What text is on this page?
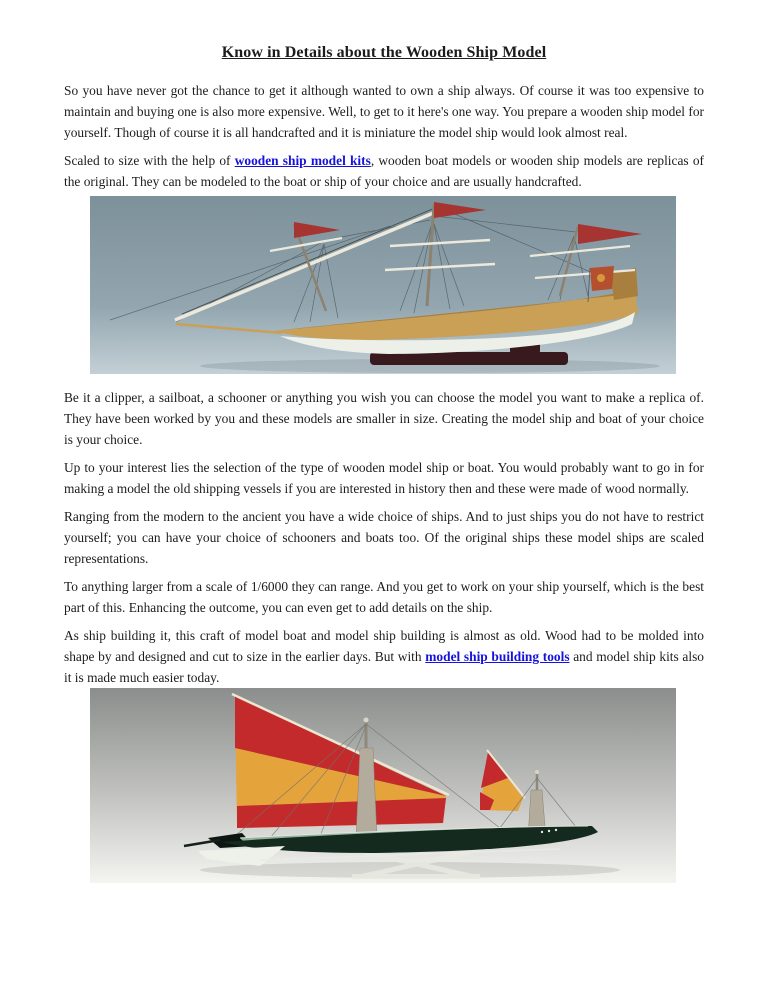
Know in Details about the Wooden Ship Model

So you have never got the chance to get it although wanted to own a ship always. Of course it was too expensive to maintain and buying one is also more expensive. Well, to get to it here's one way. You prepare a wooden ship model for yourself. Though of course it is all handcrafted and it is miniature the model ship would look almost real.

Scaled to size with the help of wooden ship model kits, wooden boat models or wooden ship models are replicas of the original. They can be modeled to the boat or ship of your choice and are usually handcrafted.

Be it a clipper, a sailboat, a schooner or anything you wish you can choose the model you want to make a replica of. They have been worked by you and these models are smaller in size. Creating the model ship and boat of your choice is your choice.

Up to your interest lies the selection of the type of wooden model ship or boat. You would probably want to go in for making a model the old shipping vessels if you are interested in history then and these were made of wood normally.

Ranging from the modern to the ancient you have a wide choice of ships. And to just ships you do not have to restrict yourself; you can have your choice of schooners and boats too. Of the original ships these model ships are scaled representations.

To anything larger from a scale of 1/6000 they can range. And you get to work on your ship yourself, which is the best part of this. Enhancing the outcome, you can even get to add details on the ship.

As ship building it, this craft of model boat and model ship building is almost as old. Wood had to be molded into shape by and designed and cut to size in the earlier days. But with model ship building tools and model ship kits also it is made much easier today.
